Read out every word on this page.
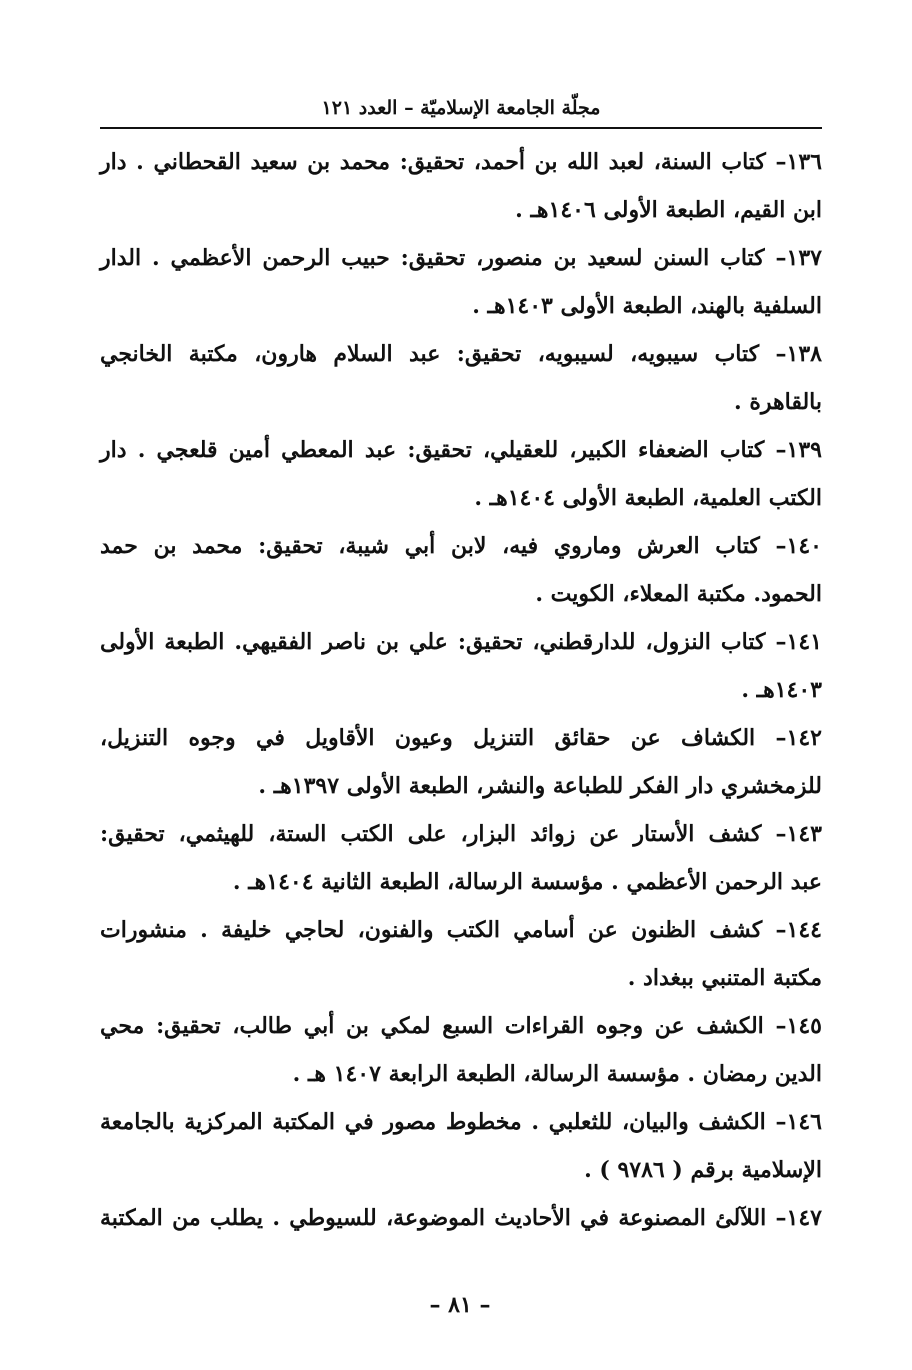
مجلّة الجامعة الإسلاميّة – العدد ١٢١
١٣٦– كتاب السنة، لعبد الله بن أحمد، تحقيق: محمد بن سعيد القحطاني . دار
ابن القيم، الطبعة الأولى ١٤٠٦هـ .
١٣٧– كتاب السنن لسعيد بن منصور، تحقيق: حبيب الرحمن الأعظمي . الدار
السلفية بالهند، الطبعة الأولى ١٤٠٣هـ .
١٣٨– كتاب سيبويه، لسيبويه، تحقيق: عبد السلام هارون، مكتبة الخانجي
بالقاهرة .
١٣٩– كتاب الضعفاء الكبير، للعقيلي، تحقيق: عبد المعطي أمين قلعجي . دار
الكتب العلمية، الطبعة الأولى ١٤٠٤هـ .
١٤٠– كتاب العرش وماروي فيه، لابن أبي شيبة، تحقيق: محمد بن حمد
الحمود. مكتبة المعلاء، الكويت .
١٤١– كتاب النزول، للدارقطني، تحقيق: علي بن ناصر الفقيهي. الطبعة الأولى
١٤٠٣هـ .
١٤٢– الكشاف عن حقائق التنزيل وعيون الأقاويل في وجوه التنزيل،
للزمخشري دار الفكر للطباعة والنشر، الطبعة الأولى ١٣٩٧هـ .
١٤٣– كشف الأستار عن زوائد البزار، على الكتب الستة، للهيثمي، تحقيق:
عبد الرحمن الأعظمي . مؤسسة الرسالة، الطبعة الثانية ١٤٠٤هـ .
١٤٤– كشف الظنون عن أسامي الكتب والفنون، لحاجي خليفة . منشورات
مكتبة المتنبي ببغداد .
١٤٥– الكشف عن وجوه القراءات السبع لمكي بن أبي طالب، تحقيق: محي
الدين رمضان . مؤسسة الرسالة، الطبعة الرابعة ١٤٠٧ هـ .
١٤٦– الكشف والبيان، للثعلبي . مخطوط مصور في المكتبة المركزية بالجامعة
الإسلامية برقم ( ٩٧٨٦ ) .
١٤٧– اللآلئ المصنوعة في الأحاديث الموضوعة، للسيوطي . يطلب من المكتبة
– ٨١ –
